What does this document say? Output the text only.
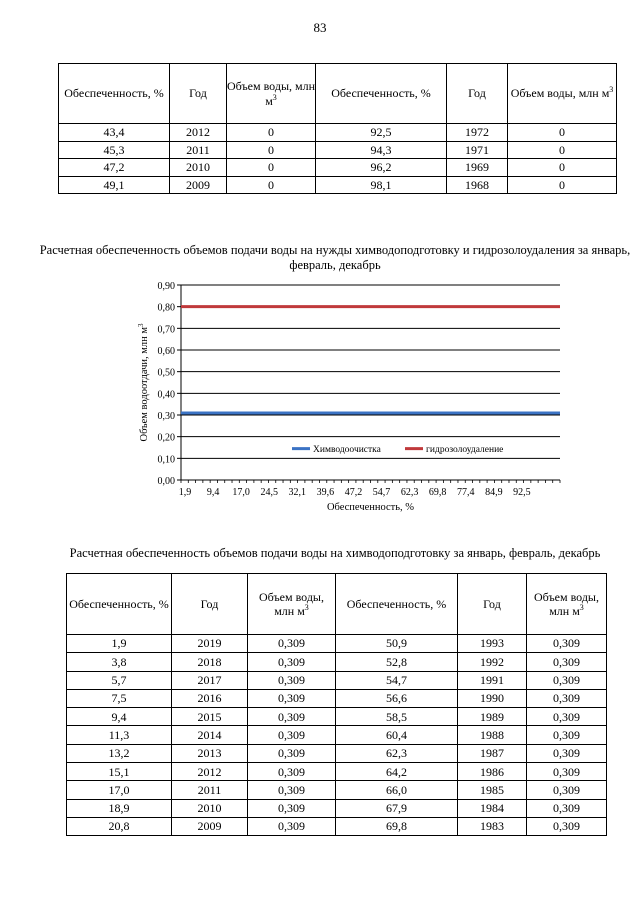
83
Обеспеченность, %	Год	Объем воды, млн $м^3$	Обеспеченность, %	Год	Объем воды, млн $м^3$
43,4	2012	0	92,5	1972	0
45,3	2011	0	94,3	1971	0
47,2	2010	0	96,2	1969	0
49,1	2009	0	98,1	1968	0
Расчетная обеспеченность объемов подачи воды на нужды химводоподготовку и гидрозолоудаления за январь, февраль, декабрь
0,00
0,10
0,20
0,30
0,40
0,50
0,60
0,70
0,80
0,90
1,9 9,4 17,0 24,5 32,1 39,6 47,2 54,7 62,3 69,8 77,4 84,9 92,5
Обеспеченность, %
Объем водоотдачи, млн $м^3$
Химводоочистка	гидрозолоудаление
Расчетная обеспеченность объемов подачи воды на химводоподготовку за январь, февраль, декабрь
Обеспеченность, %	Год	Объем воды, млн $м^3$	Обеспеченность, %	Год	Объем воды, млн $м^3$
1,9	2019	0,309	50,9	1993	0,309
3,8	2018	0,309	52,8	1992	0,309
5,7	2017	0,309	54,7	1991	0,309
7,5	2016	0,309	56,6	1990	0,309
9,4	2015	0,309	58,5	1989	0,309
11,3	2014	0,309	60,4	1988	0,309
13,2	2013	0,309	62,3	1987	0,309
15,1	2012	0,309	64,2	1986	0,309
17,0	2011	0,309	66,0	1985	0,309
18,9	2010	0,309	67,9	1984	0,309
20,8	2009	0,309	69,8	1983	0,309
